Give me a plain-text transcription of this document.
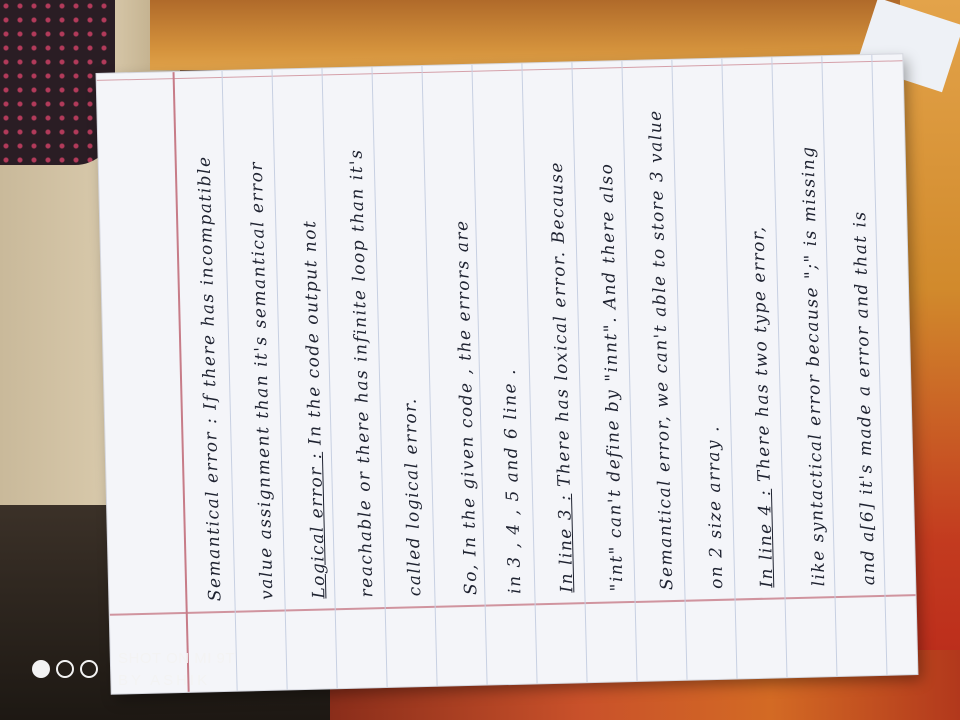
Semantical error : If there has incompatible value assignment than it's semantical error	Logical error : In the code output not reachable or there has infinite loop than it's called logical error. So, In the given code , the errors are in 3 , 4 , 5 and 6 line .	In line 3 : There has loxical error. Because "int" can't define by "innt". And there also Semantical error, we can't able to store 3 value on 2 size array .	In line 4 : There has two type error, like syntactical error because ";" is missing and a[6] it's made a error and that is
SHOT ON MI 9T
BY ASHIK
